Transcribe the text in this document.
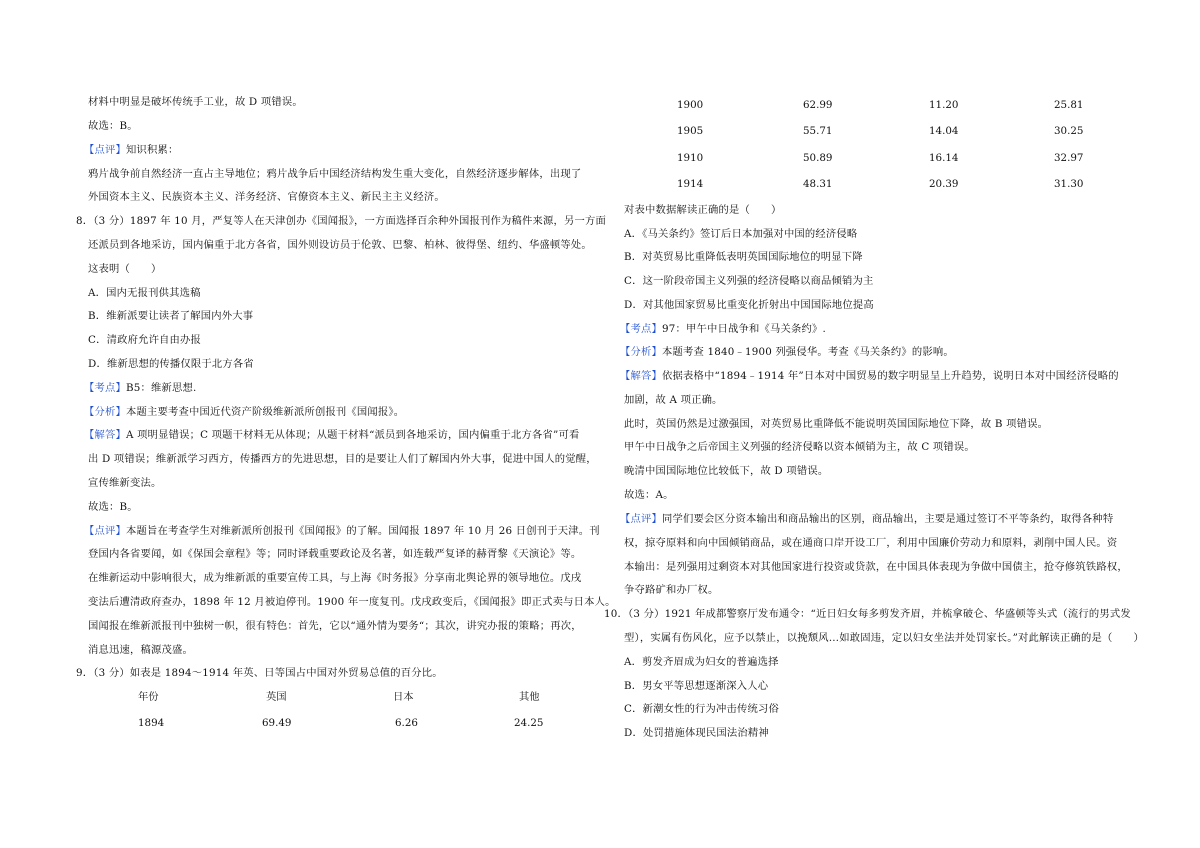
材料中明显是破坏传统手工业，故 D 项错误。
故选：B。
【点评】知识积累：
鸦片战争前自然经济一直占主导地位；鸦片战争后中国经济结构发生重大变化，自然经济逐步解体，出现了
外国资本主义、民族资本主义、洋务经济、官僚资本主义、新民主主义经济。
8．（3 分）1897 年 10 月，严复等人在天津创办《国闻报》，一方面选择百余种外国报刊作为稿件来源，另一方面
还派员到各地采访，国内偏重于北方各省，国外则设访员于伦敦、巴黎、柏林、彼得堡、纽约、华盛顿等处。
这表明（　　）
A．国内无报刊供其选稿
B．维新派要让读者了解国内外大事
C．清政府允许自由办报
D．维新思想的传播仅限于北方各省
【考点】B5：维新思想.
【分析】本题主要考查中国近代资产阶级维新派所创报刊《国闻报》。
【解答】A 项明显错误；C 项题干材料无从体现；从题干材料“派员到各地采访，国内偏重于北方各省”可看
出 D 项错误；维新派学习西方，传播西方的先进思想，目的是要让人们了解国内外大事，促进中国人的觉醒，
宣传维新变法。
故选：B。
【点评】本题旨在考查学生对维新派所创报刊《国闻报》的了解。国闻报 1897 年 10 月 26 日创刊于天津。刊
登国内各省要闻，如《保国会章程》等；同时译载重要政论及名著，如连载严复译的赫胥黎《天演论》等。
在维新运动中影响很大，成为维新派的重要宣传工具，与上海《时务报》分享南北舆论界的领导地位。戊戌
变法后遭清政府查办，1898 年 12 月被迫停刊。1900 年一度复刊。戊戌政变后，《国闻报》即正式卖与日本人。
国闻报在维新派报刊中独树一帜，很有特色：首先，它以“通外情为要务“；其次，讲究办报的策略；再次，
消息迅速，稿源茂盛。
9．（3 分）如表是 1894～1914 年英、日等国占中国对外贸易总值的百分比。
年份	英国	日本	其他
1894	69.49	6.26	24.25
1900	62.99	11.20	25.81
1905	55.71	14.04	30.25
1910	50.89	16.14	32.97
1914	48.31	20.39	31.30
对表中数据解读正确的是（　　）
A．《马关条约》签订后日本加强对中国的经济侵略
B．对英贸易比重降低表明英国国际地位的明显下降
C．这一阶段帝国主义列强的经济侵略以商品倾销为主
D．对其他国家贸易比重变化折射出中国国际地位提高
【考点】97：甲午中日战争和《马关条约》.
【分析】本题考查 1840﹣1900 列强侵华。考查《马关条约》的影响。
【解答】依据表格中“1894﹣1914 年”日本对中国贸易的数字明显呈上升趋势，说明日本对中国经济侵略的
加剧，故 A 项正确。
此时，英国仍然是过激强国，对英贸易比重降低不能说明英国国际地位下降，故 B 项错误。
甲午中日战争之后帝国主义列强的经济侵略以资本倾销为主，故 C 项错误。
晚清中国国际地位比较低下，故 D 项错误。
故选：A。
【点评】同学们要会区分资本输出和商品输出的区别，商品输出，主要是通过签订不平等条约，取得各种特
权，掠夺原料和向中国倾销商品，或在通商口岸开设工厂，利用中国廉价劳动力和原料，剥削中国人民。资
本输出：是列强用过剩资本对其他国家进行投资或贷款，在中国具体表现为争做中国债主，抢夺修筑铁路权，
争夺路矿和办厂权。
10．（3 分）1921 年成都警察厅发布通令：“近日妇女每多剪发齐眉，并梳拿破仑、华盛顿等头式（流行的男式发
型），实属有伤风化，应予以禁止，以挽颓风…如敢固违，定以妇女坐法并处罚家长。”对此解读正确的是（　　）
A．剪发齐眉成为妇女的普遍选择
B．男女平等思想逐渐深入人心
C．新潮女性的行为冲击传统习俗
D．处罚措施体现民国法治精神
